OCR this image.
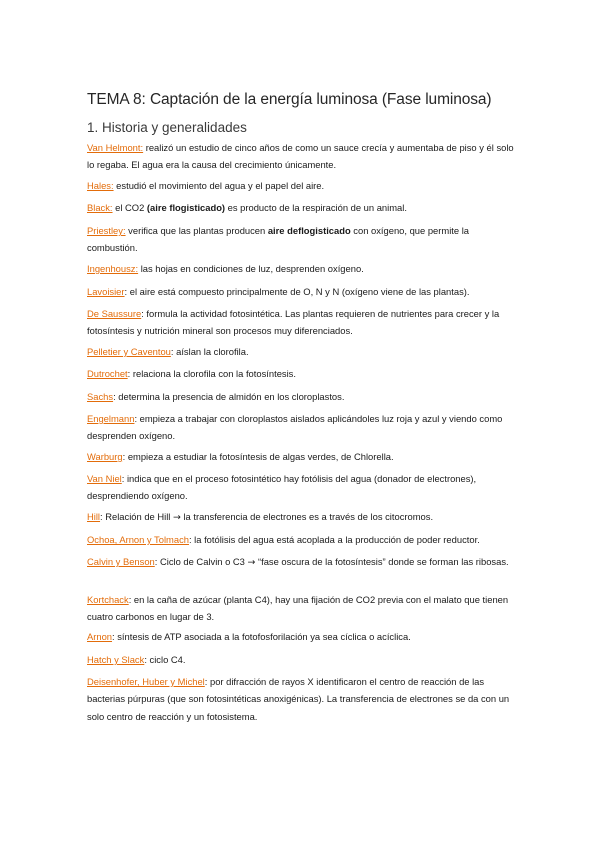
TEMA 8: Captación de la energía luminosa (Fase luminosa)
1. Historia y generalidades

Van Helmont: realizó un estudio de cinco años de como un sauce crecía y aumentaba de piso y él solo lo regaba. El agua era la causa del crecimiento únicamente.

Hales: estudió el movimiento del agua y el papel del aire.

Black: el CO2 (aire flogisticado) es producto de la respiración de un animal.

Priestley: verifica que las plantas producen aire deflogisticado con oxígeno, que permite la combustión.

Ingenhousz: las hojas en condiciones de luz, desprenden oxígeno.

Lavoisier: el aire está compuesto principalmente de O, N y N (oxígeno viene de las plantas).

De Saussure: formula la actividad fotosintética. Las plantas requieren de nutrientes para crecer y la fotosíntesis y nutrición mineral son procesos muy diferenciados.

Pelletier y Caventou: aíslan la clorofila.

Dutrochet: relaciona la clorofila con la fotosíntesis.

Sachs: determina la presencia de almidón en los cloroplastos.

Engelmann: empieza a trabajar con cloroplastos aislados aplicándoles luz roja y azul y viendo como desprenden oxígeno.

Warburg: empieza a estudiar la fotosíntesis de algas verdes, de Chlorella.

Van Niel: indica que en el proceso fotosintético hay fotólisis del agua (donador de electrones), desprendiendo oxígeno.

Hill: Relación de Hill → la transferencia de electrones es a través de los citocromos.

Ochoa, Arnon y Tolmach: la fotólisis del agua está acoplada a la producción de poder reductor.

Calvin y Benson: Ciclo de Calvin o C3 → “fase oscura de la fotosíntesis” donde se forman las ribosas.

Kortchack: en la caña de azúcar (planta C4), hay una fijación de CO2 previa con el malato que tienen cuatro carbonos en lugar de 3.

Arnon: síntesis de ATP asociada a la fotofosforilación ya sea cíclica o acíclica.

Hatch y Slack: ciclo C4.

Deisenhofer, Huber y Michel: por difracción de rayos X identificaron el centro de reacción de las bacterias púrpuras (que son fotosintéticas anoxigénicas). La transferencia de electrones se da con un solo centro de reacción y un fotosistema.
